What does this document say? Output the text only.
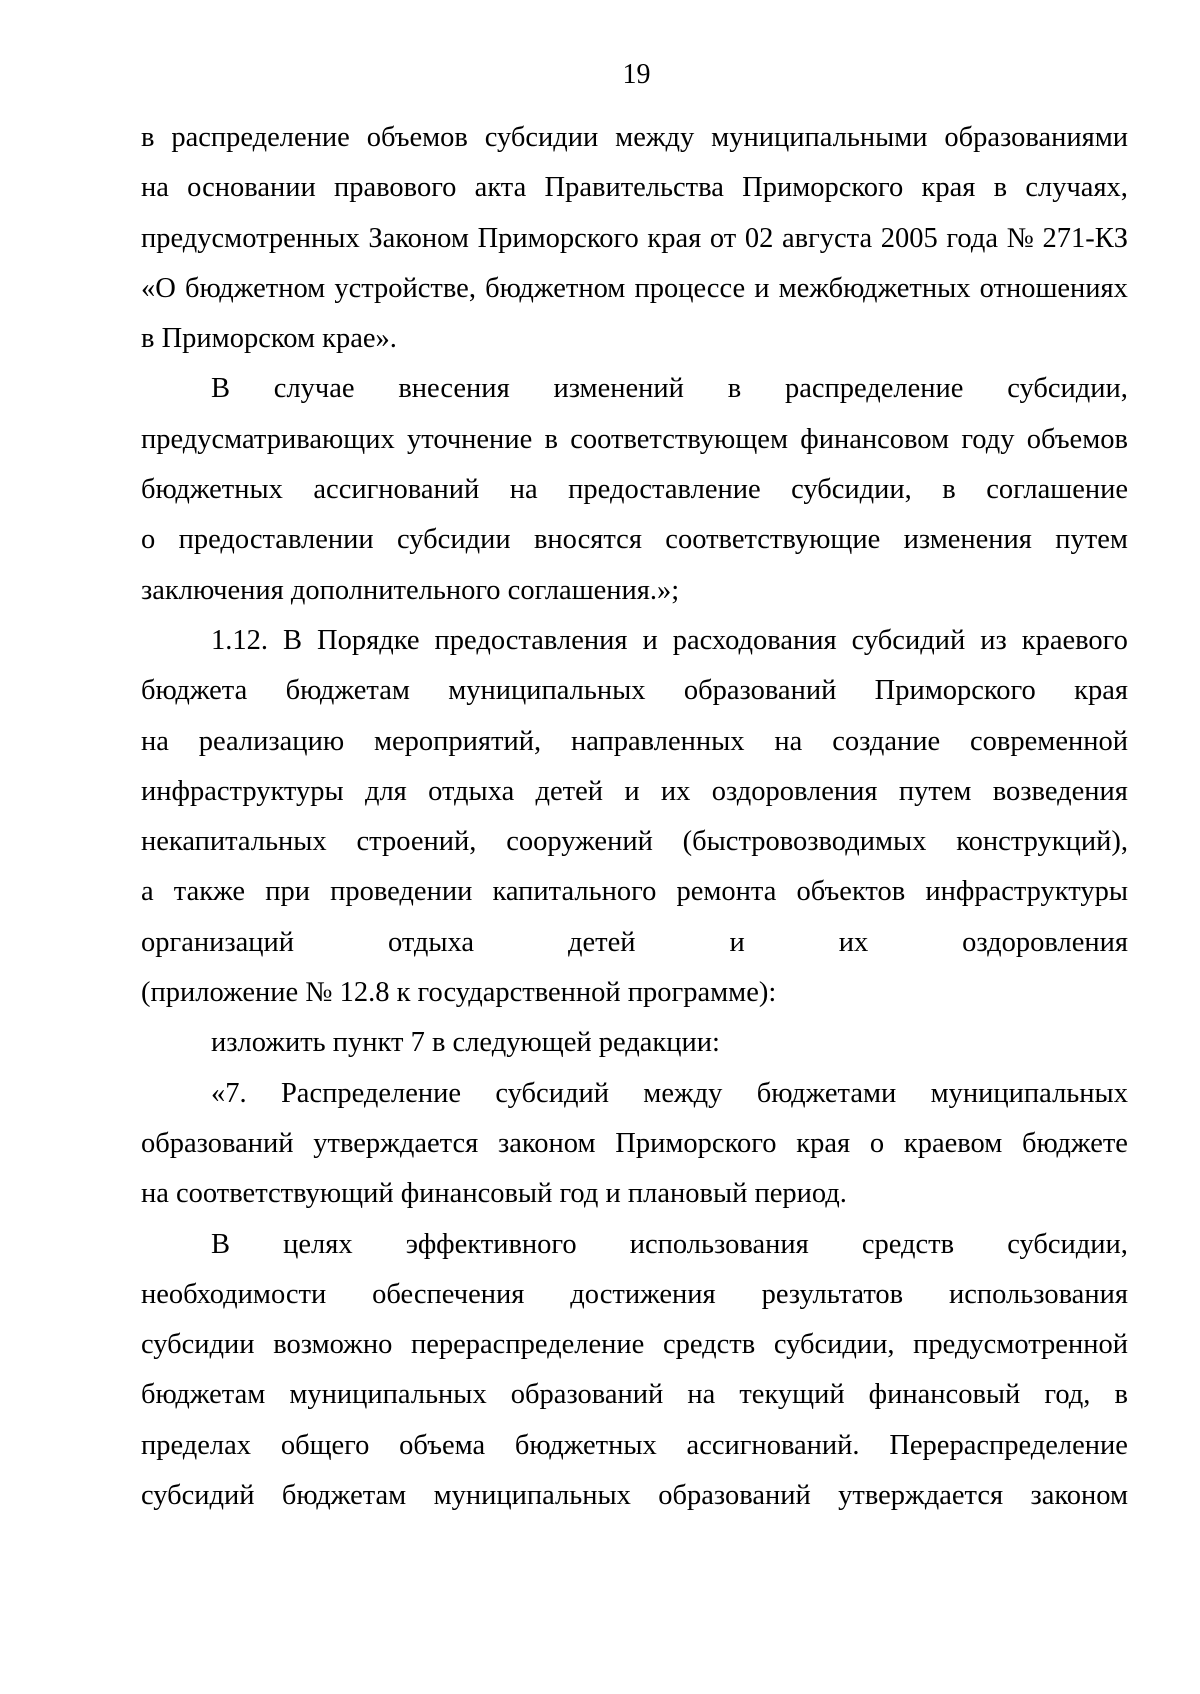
19
в распределение объемов субсидии между муниципальными образованиями
на основании правового акта Правительства Приморского края в случаях,
предусмотренных Законом Приморского края от 02 августа 2005 года № 271-КЗ
«О бюджетном устройстве, бюджетном процессе и межбюджетных отношениях
в Приморском крае».
В случае внесения изменений в распределение субсидии,
предусматривающих уточнение в соответствующем финансовом году объемов
бюджетных ассигнований на предоставление субсидии, в соглашение
о предоставлении субсидии вносятся соответствующие изменения путем
заключения дополнительного соглашения.»;
1.12. В Порядке предоставления и расходования субсидий из краевого
бюджета бюджетам муниципальных образований Приморского края
на реализацию мероприятий, направленных на создание современной
инфраструктуры для отдыха детей и их оздоровления путем возведения
некапитальных строений, сооружений (быстровозводимых конструкций),
а также при проведении капитального ремонта объектов инфраструктуры
организаций	отдыха	детей	и	их	оздоровления
(приложение № 12.8 к государственной программе):
изложить пункт 7 в следующей редакции:
«7. Распределение субсидий между бюджетами муниципальных
образований утверждается законом Приморского края о краевом бюджете
на соответствующий финансовый год и плановый период.
В целях эффективного использования средств субсидии,
необходимости обеспечения достижения результатов использования
субсидии возможно перераспределение средств субсидии, предусмотренной
бюджетам муниципальных образований на текущий финансовый год, в
пределах общего объема бюджетных ассигнований. Перераспределение
субсидий бюджетам муниципальных образований утверждается законом
